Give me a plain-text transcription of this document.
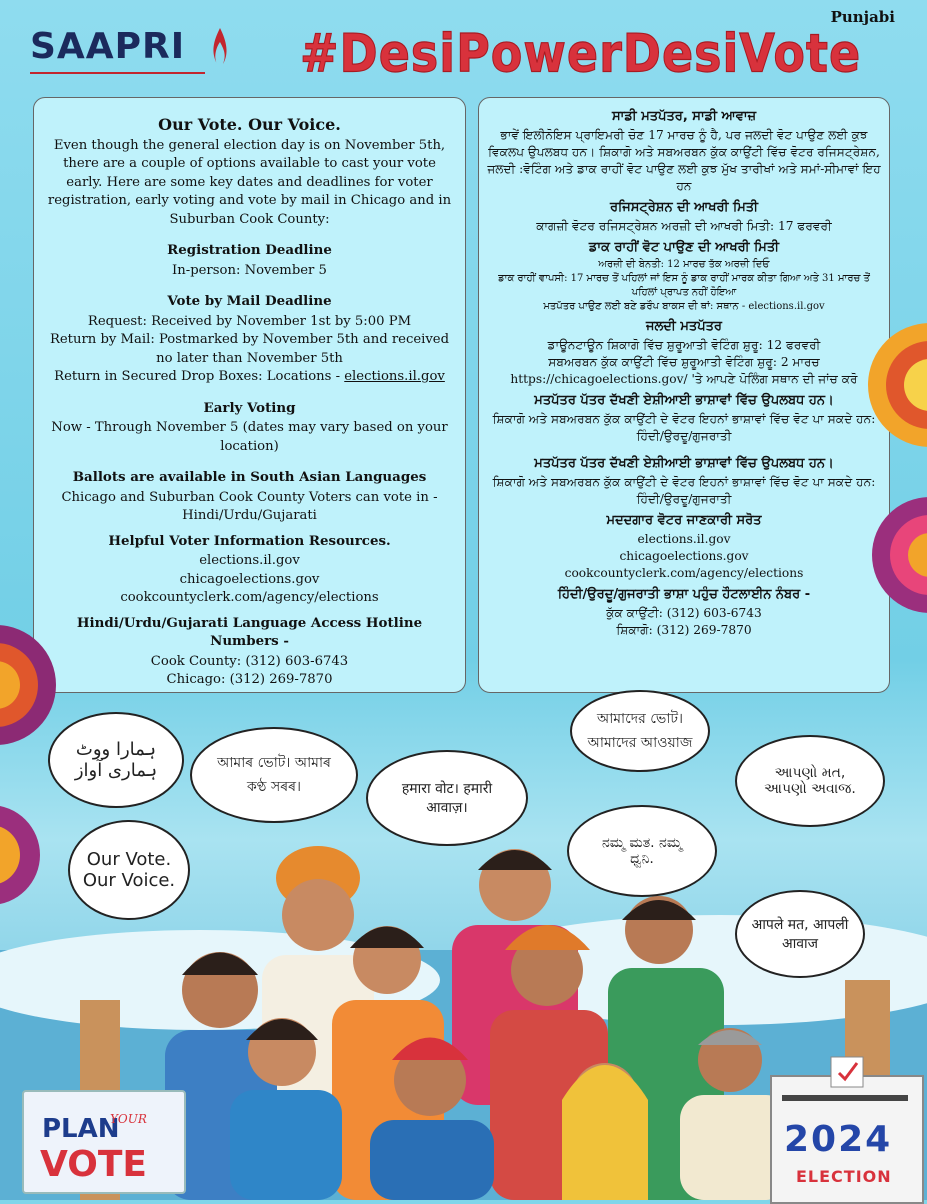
Punjabi
SAAPRI #DesiPowerDesiVote
Our Vote. Our Voice.

Even though the general election day is on November 5th, there are a couple of options available to cast your vote early. Here are some key dates and deadlines for voter registration, early voting and vote by mail in Chicago and in Suburban Cook County:

Registration Deadline

In-person: November 5

Vote by Mail Deadline

Request: Received by November 1st by 5:00 PM

Return by Mail: Postmarked by November 5th and received no later than November 5th

Return in Secured Drop Boxes: Locations - elections.il.gov

Early Voting

Now - Through November 5 (dates may vary based on your location)

Ballots are available in South Asian Languages

Chicago and Suburban Cook County Voters can vote in - Hindi/Urdu/Gujarati

Helpful Voter Information Resources.

elections.il.gov

chicagoelections.gov

cookcountyclerk.com/agency/elections

Hindi/Urdu/Gujarati Language Access Hotline Numbers -

Cook County: (312) 603-6743

Chicago: (312) 269-7870

ਸਾਡੀ ਮਤਪੱਤਰ, ਸਾਡੀ ਆਵਾਜ਼

ਭਾਵੇਂ ਇਲੀਨੋਇਸ ਪ੍ਰਾਇਮਰੀ ਚੋਣ 17 ਮਾਰਚ ਨੂੰ ਹੈ, ਪਰ ਜਲਦੀ ਵੋਟ ਪਾਉਣ ਲਈ ਕੁਝ ਵਿਕਲਪ ਉਪਲਬਧ ਹਨ। ਸ਼ਿਕਾਗੋ ਅਤੇ ਸਬਅਰਬਨ ਕੁੱਕ ਕਾਉਂਟੀ ਵਿੱਚ ਵੋਟਰ ਰਜਿਸਟ੍ਰੇਸ਼ਨ, ਜਲਦੀ :ਵੋਟਿੰਗ ਅਤੇ ਡਾਕ ਰਾਹੀਂ ਵੋਟ ਪਾਉਣ ਲਈ ਕੁਝ ਮੁੱਖ ਤਾਰੀਖਾਂ ਅਤੇ ਸਮਾਂ-ਸੀਮਾਵਾਂ ਇਹ ਹਨ

ਰਜਿਸਟ੍ਰੇਸ਼ਨ ਦੀ ਆਖਰੀ ਮਿਤੀ

ਕਾਗਜ਼ੀ ਵੋਟਰ ਰਜਿਸਟ੍ਰੇਸ਼ਨ ਅਰਜ਼ੀ ਦੀ ਆਖਰੀ ਮਿਤੀ: 17 ਫਰਵਰੀ

ਡਾਕ ਰਾਹੀਂ ਵੋਟ ਪਾਉਣ ਦੀ ਆਖਰੀ ਮਿਤੀ

ਅਰਜ਼ੀ ਦੀ ਬੇਨਤੀ: 12 ਮਾਰਚ ਤੱਕ ਅਰਜ਼ੀ ਦਿਓ

ਡਾਕ ਰਾਹੀਂ ਵਾਪਸੀ: 17 ਮਾਰਚ ਤੋਂ ਪਹਿਲਾਂ ਜਾਂ ਇਸ ਨੂੰ ਡਾਕ ਰਾਹੀਂ ਮਾਰਕ ਕੀਤਾ ਗਿਆ ਅਤੇ 31 ਮਾਰਚ ਤੋਂ ਪਹਿਲਾਂ ਪ੍ਰਾਪਤ ਨਹੀਂ ਹੋਇਆ

ਮਤਪੱਤਰ ਪਾਉਣ ਲਈ ਬਣੇ ਡਰੌਪ ਬਾਕਸ ਦੀ ਥਾਂ: ਸਥਾਨ - elections.il.gov

ਜਲਦੀ ਮਤਪੱਤਰ

ਡਾਊਨਟਾਊਨ ਸ਼ਿਕਾਗੋ ਵਿੱਚ ਸ਼ੁਰੂਆਤੀ ਵੋਟਿੰਗ ਸ਼ੁਰੂ: 12 ਫਰਵਰੀ

ਸਬਅਰਬਨ ਕੁੱਕ ਕਾਉਂਟੀ ਵਿੱਚ ਸ਼ੁਰੂਆਤੀ ਵੋਟਿੰਗ ਸ਼ੁਰੂ: 2 ਮਾਰਚ

https://chicagoelections.gov/ 'ਤੇ ਆਪਣੇ ਪੋਲਿੰਗ ਸਥਾਨ ਦੀ ਜਾਂਚ ਕਰੋ

ਮਤਪੱਤਰ ਪੱਤਰ ਦੱਖਣੀ ਏਸ਼ੀਆਈ ਭਾਸ਼ਾਵਾਂ ਵਿੱਚ ਉਪਲਬਧ ਹਨ।

ਸ਼ਿਕਾਗੋ ਅਤੇ ਸਬਅਰਬਨ ਕੁੱਕ ਕਾਉਂਟੀ ਦੇ ਵੋਟਰ ਇਹਨਾਂ ਭਾਸ਼ਾਵਾਂ ਵਿੱਚ ਵੋਟ ਪਾ ਸਕਦੇ ਹਨ: ਹਿੰਦੀ/ਉਰਦੂ/ਗੁਜਰਾਤੀ

ਮਤਪੱਤਰ ਪੱਤਰ ਦੱਖਣੀ ਏਸ਼ੀਆਈ ਭਾਸ਼ਾਵਾਂ ਵਿੱਚ ਉਪਲਬਧ ਹਨ।

ਸ਼ਿਕਾਗੋ ਅਤੇ ਸਬਅਰਬਨ ਕੁੱਕ ਕਾਉਂਟੀ ਦੇ ਵੋਟਰ ਇਹਨਾਂ ਭਾਸ਼ਾਵਾਂ ਵਿੱਚ ਵੋਟ ਪਾ ਸਕਦੇ ਹਨ: ਹਿੰਦੀ/ਉਰਦੂ/ਗੁਜਰਾਤੀ

ਮਦਦਗਾਰ ਵੋਟਰ ਜਾਣਕਾਰੀ ਸਰੋਤ

elections.il.gov

chicagoelections.gov

cookcountyclerk.com/agency/elections

ਹਿੰਦੀ/ਉਰਦੂ/ਗੁਜਰਾਤੀ ਭਾਸ਼ਾ ਪਹੁੰਚ ਹੌਟਲਾਈਨ ਨੰਬਰ -

ਕੁੱਕ ਕਾਉਂਟੀ: (312) 603-6743

ਸ਼ਿਕਾਗੋ: (312) 269-7870

ہمارا ووٹ ہماری آواز	আমাৰ ভোট। আমাৰ কণ্ঠ সৰৰ।	हमारा वोट। हमारी आवाज़।
আমাদের ভোট। আমাদের আওয়াজ
આપણો મત, આપણો અવાજ.
Our Vote. Our Voice.
ನಮ್ಮ ಮತ. ನಮ್ಮ ಧ್ವನಿ.
आपले मत, आपली आवाज
PLAN
YOUR
VOTE
2024
ELECTION
